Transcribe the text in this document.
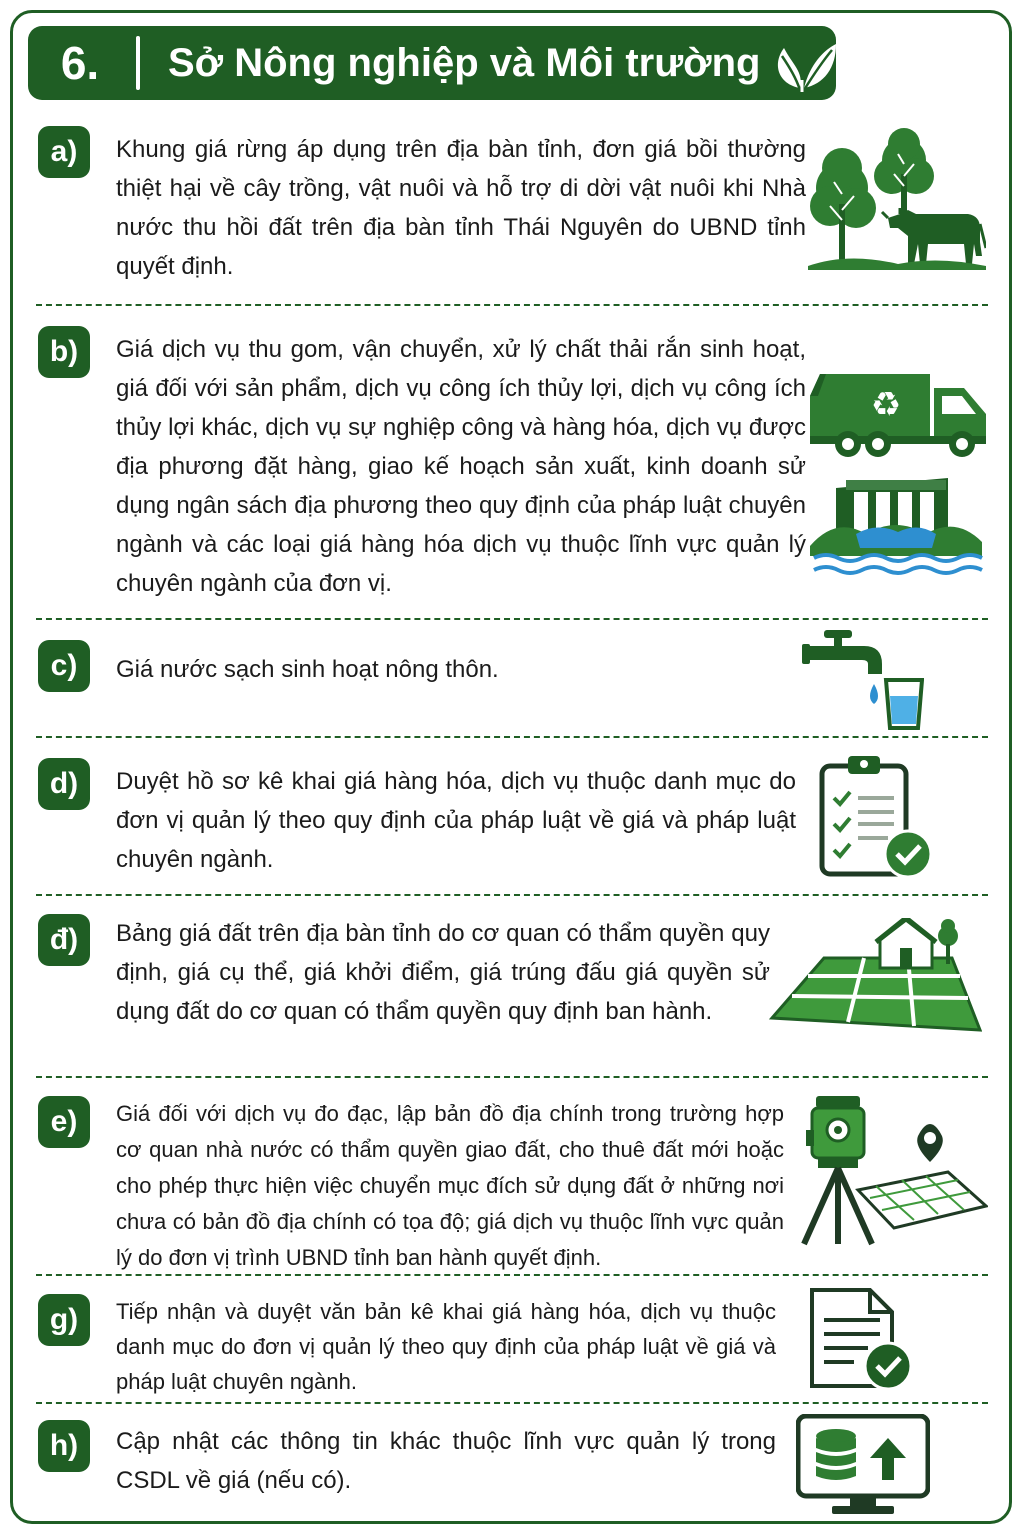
6.	Sở Nông nghiệp và Môi trường
a)	Khung giá rừng áp dụng trên địa bàn tỉnh, đơn giá bồi thường thiệt hại về cây trồng, vật nuôi và hỗ trợ di dời vật nuôi khi Nhà nước thu hồi đất trên địa bàn tỉnh Thái Nguyên do UBND tỉnh quyết định.
b)	Giá dịch vụ thu gom, vận chuyển, xử lý chất thải rắn sinh hoạt, giá đối với sản phẩm, dịch vụ công ích thủy lợi, dịch vụ công ích thủy lợi khác, dịch vụ sự nghiệp công và hàng hóa, dịch vụ được địa phương đặt hàng, giao kế hoạch sản xuất, kinh doanh sử dụng ngân sách địa phương theo quy định của pháp luật chuyên ngành và các loại giá hàng hóa dịch vụ thuộc lĩnh vực quản lý chuyên ngành của đơn vị.
♻
c)	Giá nước sạch sinh hoạt nông thôn.
d)	Duyệt hồ sơ kê khai giá hàng hóa, dịch vụ thuộc danh mục do đơn vị quản lý theo quy định của pháp luật về giá và pháp luật chuyên ngành.
đ)	Bảng giá đất trên địa bàn tỉnh do cơ quan có thẩm quyền quy định, giá cụ thể, giá khởi điểm, giá trúng đấu giá quyền sử dụng đất do cơ quan có thẩm quyền quy định ban hành.
e)	Giá đối với dịch vụ đo đạc, lập bản đồ địa chính trong trường hợp cơ quan nhà nước có thẩm quyền giao đất, cho thuê đất mới hoặc cho phép thực hiện việc chuyển mục đích sử dụng đất ở những nơi chưa có bản đồ địa chính có tọa độ; giá dịch vụ thuộc lĩnh vực quản lý do đơn vị trình UBND tỉnh ban hành quyết định.
g)	Tiếp nhận và duyệt văn bản kê khai giá hàng hóa, dịch vụ thuộc danh mục do đơn vị quản lý theo quy định của pháp luật về giá và pháp luật chuyên ngành.
h)	Cập nhật các thông tin khác thuộc lĩnh vực quản lý trong CSDL về giá (nếu có).
